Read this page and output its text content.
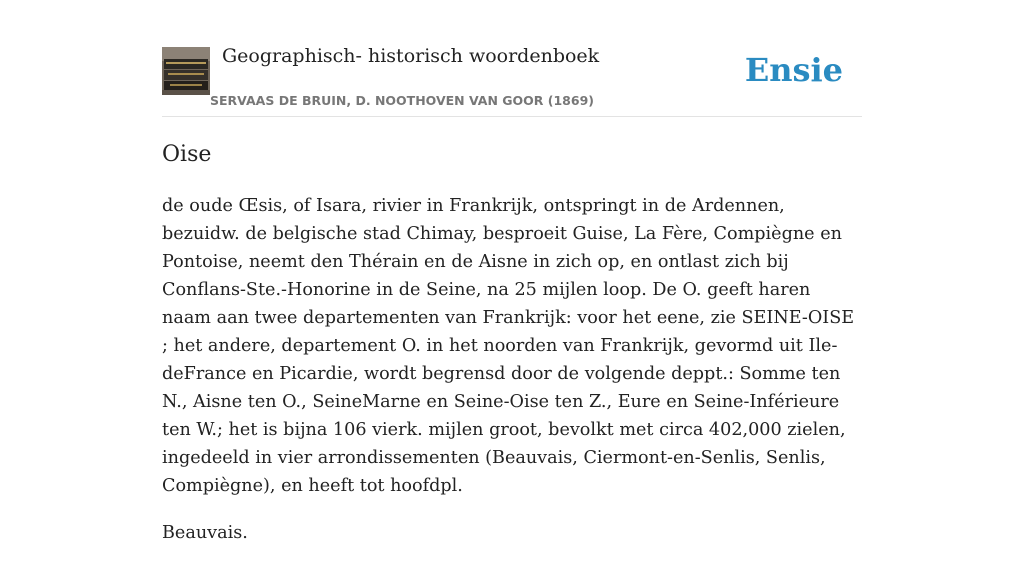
Geographisch- historisch woordenboek
SERVAAS DE BRUIN, D. NOOTHOVEN VAN GOOR (1869)
Ensie
Oise

de oude Œsis, of Isara, rivier in Frankrijk, ontspringt in de Ardennen, bezuidw. de belgische stad Chimay, besproeit Guise, La Fère, Compiègne en Pontoise, neemt den Thérain en de Aisne in zich op, en ontlast zich bij Conflans-Ste.-Honorine in de Seine, na 25 mijlen loop. De O. geeft haren naam aan twee departementen van Frankrijk: voor het eene, zie SEINE-OISE ; het andere, departement O. in het noorden van Frankrijk, gevormd uit Ile-deFrance en Picardie, wordt begrensd door de volgende deppt.: Somme ten N., Aisne ten O., SeineMarne en Seine-Oise ten Z., Eure en Seine-Inférieure ten W.; het is bijna 106 vierk. mijlen groot, bevolkt met circa 402,000 zielen, ingedeeld in vier arrondissementen (Beauvais, Ciermont-en-Senlis, Senlis, Compiègne), en heeft tot hoofdpl.

Beauvais.
